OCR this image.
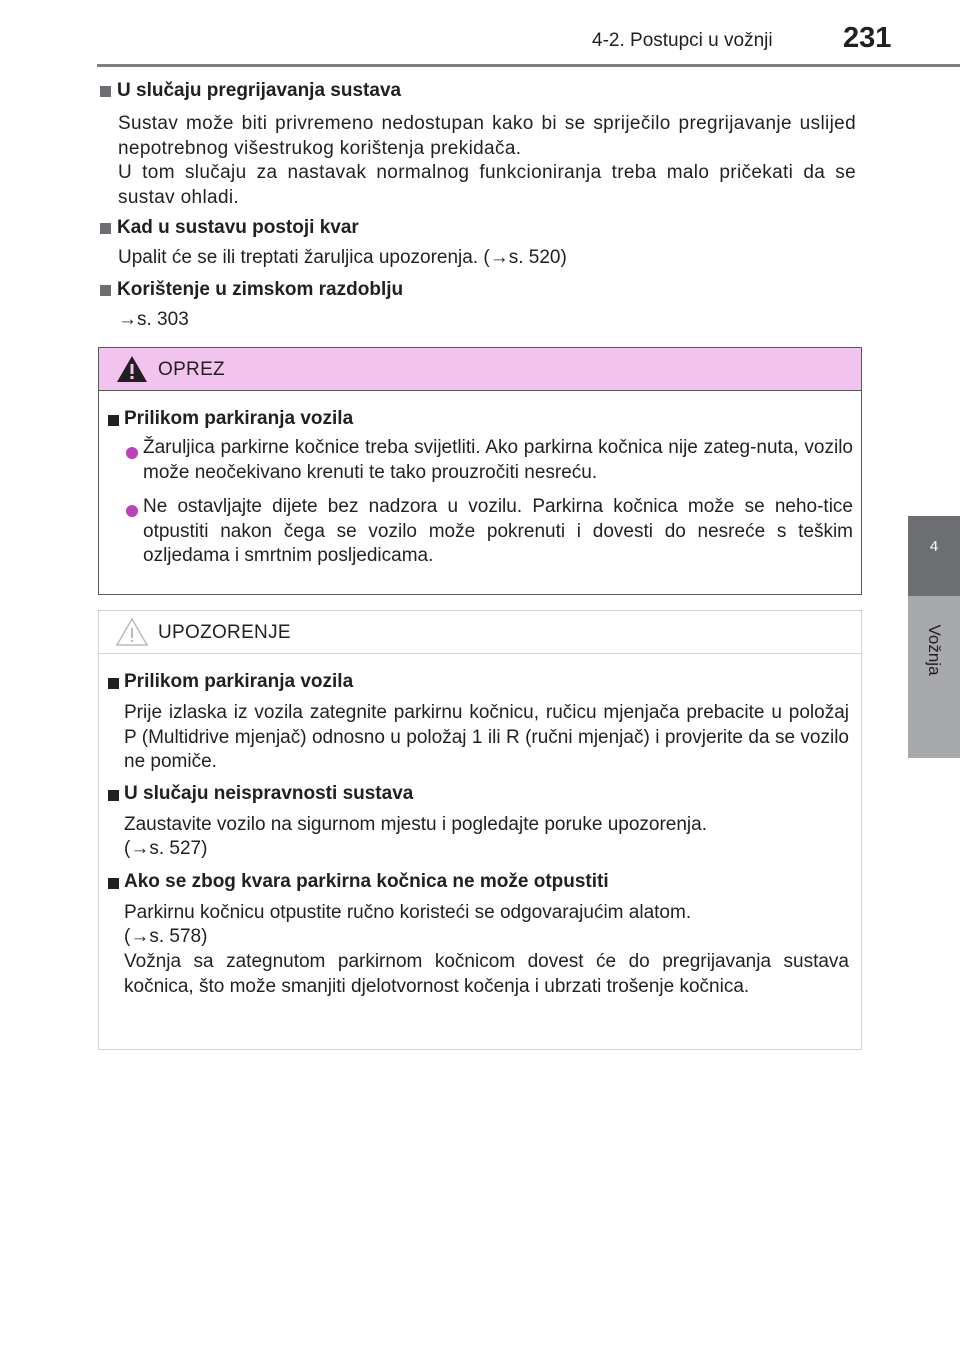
4-2. Postupci u vožnji 231
4
Vožnja
U slučaju pregrijavanja sustava
Sustav može biti privremeno nedostupan kako bi se spriječilo pregrijavanje uslijed nepotrebnog višestrukog korištenja prekidača.
U tom slučaju za nastavak normalnog funkcioniranja treba malo pričekati da se sustav ohladi.
Kad u sustavu postoji kvar
Upalit će se ili treptati žaruljica upozorenja. (→s. 520)
Korištenje u zimskom razdoblju
→s. 303
OPREZ
Prilikom parkiranja vozila
Žaruljica parkirne kočnice treba svijetliti. Ako parkirna kočnica nije zateg-nuta, vozilo može neočekivano krenuti te tako prouzročiti nesreću.
Ne ostavljajte dijete bez nadzora u vozilu. Parkirna kočnica može se neho-tice otpustiti nakon čega se vozilo može pokrenuti i dovesti do nesreće s teškim ozljedama i smrtnim posljedicama.
UPOZORENJE
Prilikom parkiranja vozila
Prije izlaska iz vozila zategnite parkirnu kočnicu, ručicu mjenjača prebacite u položaj P (Multidrive mjenjač) odnosno u položaj 1 ili R (ručni mjenjač) i provjerite da se vozilo ne pomiče.
U slučaju neispravnosti sustava
Zaustavite vozilo na sigurnom mjestu i pogledajte poruke upozorenja.
(→s. 527)
Ako se zbog kvara parkirna kočnica ne može otpustiti
Parkirnu kočnicu otpustite ručno koristeći se odgovarajućim alatom.
(→s. 578)
Vožnja sa zategnutom parkirnom kočnicom dovest će do pregrijavanja sustava kočnica, što može smanjiti djelotvornost kočenja i ubrzati trošenje kočnica.
